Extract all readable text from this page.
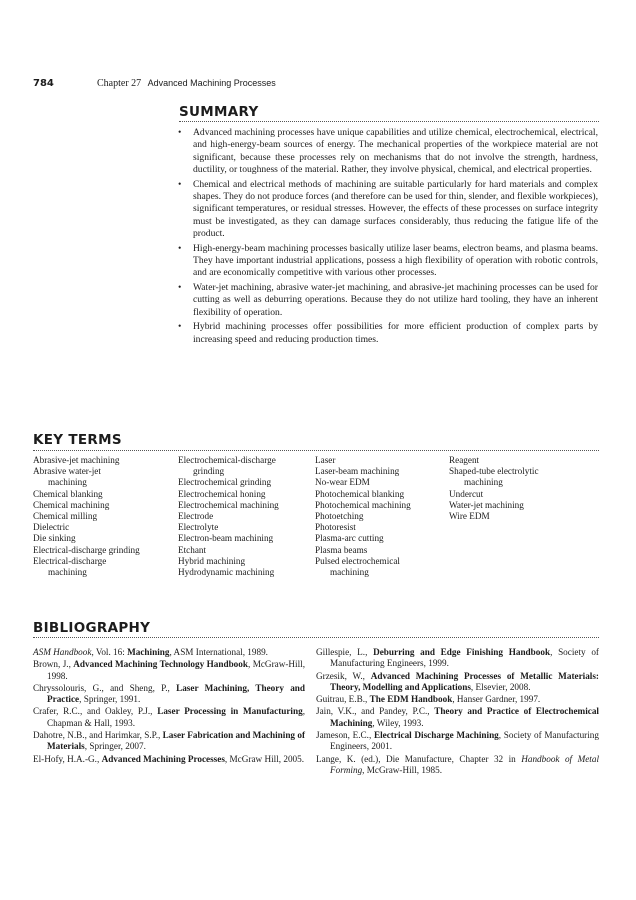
784	Chapter 27 Advanced Machining Processes
SUMMARY
• Advanced machining processes have unique capabilities and utilize chemical, electrochemical, electrical, and high-energy-beam sources of energy. The mechanical properties of the workpiece material are not significant, because these processes rely on mechanisms that do not involve the strength, hardness, ductility, or toughness of the material. Rather, they involve physical, chemical, and electrical properties.
• Chemical and electrical methods of machining are suitable particularly for hard materials and complex shapes. They do not produce forces (and therefore can be used for thin, slender, and flexible workpieces), significant temperatures, or residual stresses. However, the effects of these processes on surface integrity must be investigated, as they can damage surfaces considerably, thus reducing the fatigue life of the product.
• High-energy-beam machining processes basically utilize laser beams, electron beams, and plasma beams. They have important industrial applications, possess a high flexibility of operation with robotic controls, and are economically competitive with various other processes.
• Water-jet machining, abrasive water-jet machining, and abrasive-jet machining processes can be used for cutting as well as deburring operations. Because they do not utilize hard tooling, they have an inherent flexibility of operation.
• Hybrid machining processes offer possibilities for more efficient production of complex parts by increasing speed and reducing production times.
KEY TERMS
Abrasive-jet machining
Abrasive water-jet
machining
Chemical blanking
Chemical machining
Chemical milling
Dielectric
Die sinking
Electrical-discharge grinding
Electrical-discharge
machining
Electrochemical-discharge
grinding
Electrochemical grinding
Electrochemical honing
Electrochemical machining
Electrode
Electrolyte
Electron-beam machining
Etchant
Hybrid machining
Hydrodynamic machining
Laser
Laser-beam machining
No-wear EDM
Photochemical blanking
Photochemical machining
Photoetching
Photoresist
Plasma-arc cutting
Plasma beams
Pulsed electrochemical
machining
Reagent
Shaped-tube electrolytic
machining
Undercut
Water-jet machining
Wire EDM
BIBLIOGRAPHY
ASM Handbook, Vol. 16: Machining, ASM International, 1989.
Brown, J., Advanced Machining Technology Handbook, McGraw-Hill, 1998.
Chryssolouris, G., and Sheng, P., Laser Machining, Theory and Practice, Springer, 1991.
Crafer, R.C., and Oakley, P.J., Laser Processing in Manufacturing, Chapman & Hall, 1993.
Dahotre, N.B., and Harimkar, S.P., Laser Fabrication and Machining of Materials, Springer, 2007.
El-Hofy, H.A.-G., Advanced Machining Processes, McGraw Hill, 2005.
Gillespie, L., Deburring and Edge Finishing Handbook, Society of Manufacturing Engineers, 1999.
Grzesik, W., Advanced Machining Processes of Metallic Materials: Theory, Modelling and Applications, Elsevier, 2008.
Guitrau, E.B., The EDM Handbook, Hanser Gardner, 1997.
Jain, V.K., and Pandey, P.C., Theory and Practice of Electrochemical Machining, Wiley, 1993.
Jameson, E.C., Electrical Discharge Machining, Society of Manufacturing Engineers, 2001.
Lange, K. (ed.), Die Manufacture, Chapter 32 in Handbook of Metal Forming, McGraw-Hill, 1985.
